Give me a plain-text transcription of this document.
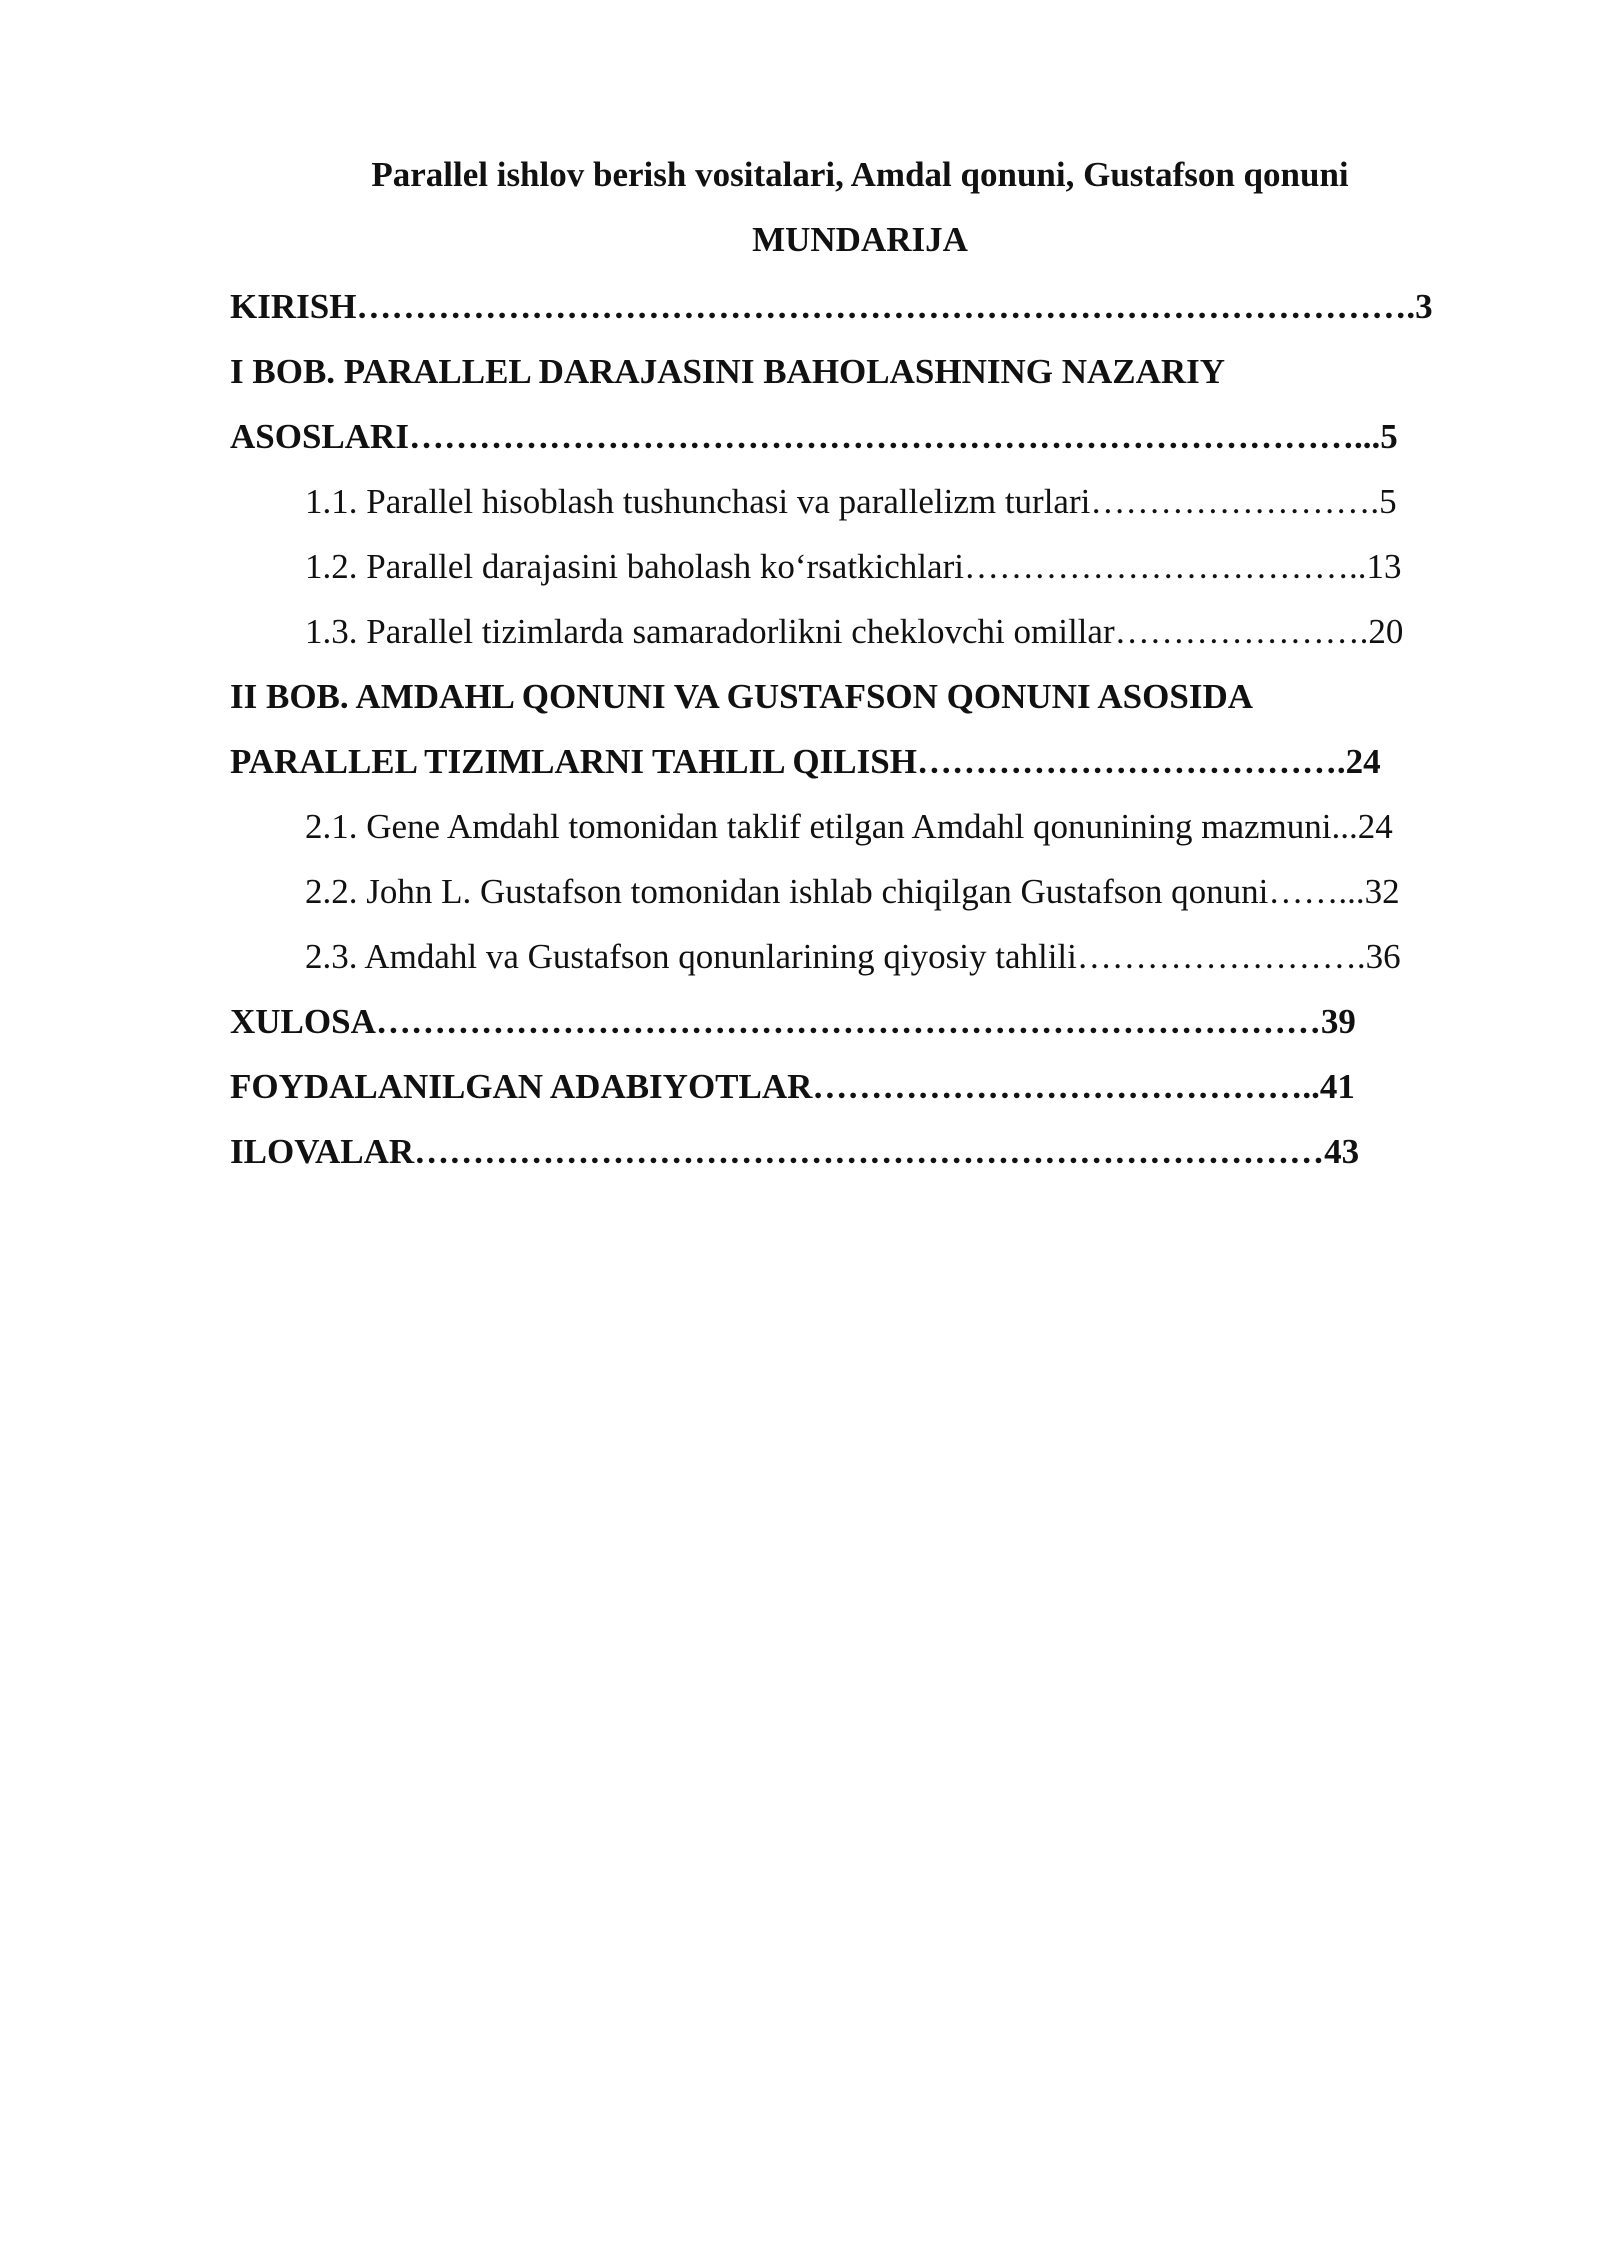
Parallel ishlov berish vositalari, Amdal qonuni, Gustafson qonuni
MUNDARIJA

KIRISH……………………………………………………………………………….3

I BOB. PARALLEL DARAJASINI BAHOLASHNING NAZARIY

ASOSLARI………………………………………………………………………...5

1.1. Parallel hisoblash tushunchasi va parallelizm turlari…………………….5

1.2. Parallel darajasini baholash ko‘rsatkichlari……………………………..13

1.3. Parallel tizimlarda samaradorlikni cheklovchi omillar………………….20

II BOB. AMDAHL QONUNI VA GUSTAFSON QONUNI ASOSIDA

PARALLEL TIZIMLARNI TAHLIL QILISH……………………………….24

2.1. Gene Amdahl tomonidan taklif etilgan Amdahl qonunining mazmuni...24

2.2. John L. Gustafson tomonidan ishlab chiqilgan Gustafson qonuni……...32

2.3. Amdahl va Gustafson qonunlarining qiyosiy tahlili…………………….36

XULOSA………………………………………………………………………39

FOYDALANILGAN ADABIYOTLAR……………………………………..41

ILOVALAR……………………………………………………………………43
